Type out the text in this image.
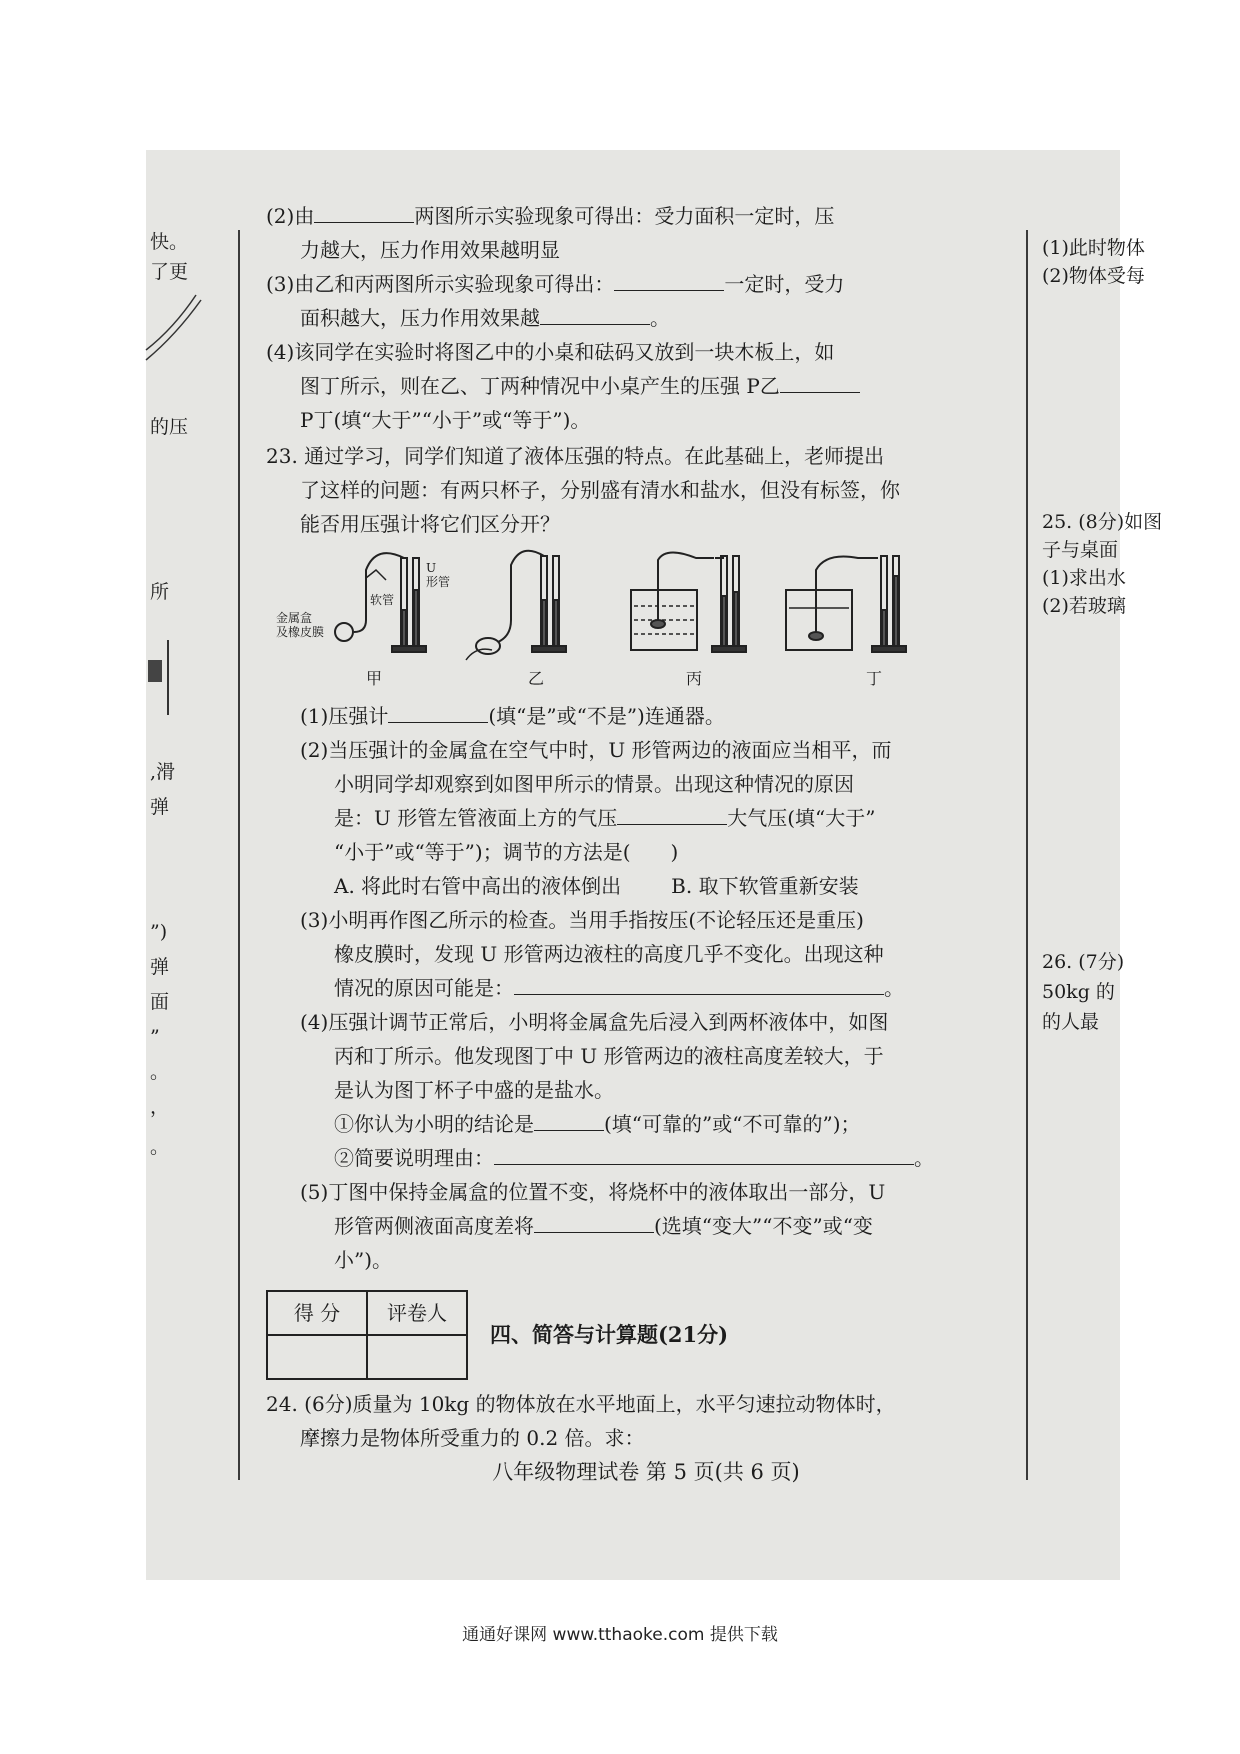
快。
了更
的压
所
,滑
弹
”)
弹
面
”
。
，
。
(1)此时物体
(2)物体受每
25. (8分)如图
子与桌面
(1)求出水
(2)若玻璃
26. (7分)
50kg 的
的人最

(2)由	两图所示实验现象可得出：受力面积一定时，压

力越大，压力作用效果越明显

(3)由乙和丙两图所示实验现象可得出：	一定时，受力

面积越大，压力作用效果越	。

(4)该同学在实验时将图乙中的小桌和砝码又放到一块木板上，如

图丁所示，则在乙、丁两种情况中小桌产生的压强 P乙

P丁(填“大于”“小于”或“等于”)。

23. 通过学习，同学们知道了液体压强的特点。在此基础上，老师提出

了这样的问题：有两只杯子，分别盛有清水和盐水，但没有标签，你

能否用压强计将它们区分开？

金属盒
及橡皮膜
软管
U
形管
甲	乙	丙	丁

(1)压强计	(填“是”或“不是”)连通器。

(2)当压强计的金属盒在空气中时，U 形管两边的液面应当相平，而

小明同学却观察到如图甲所示的情景。出现这种情况的原因

是：U 形管左管液面上方的气压	大气压(填“大于”

“小于”或“等于”)；调节的方法是( )

A. 将此时右管中高出的液体倒出	B. 取下软管重新安装

(3)小明再作图乙所示的检查。当用手指按压(不论轻压还是重压)

橡皮膜时，发现 U 形管两边液柱的高度几乎不变化。出现这种

情况的原因可能是：	。

(4)压强计调节正常后，小明将金属盒先后浸入到两杯液体中，如图

丙和丁所示。他发现图丁中 U 形管两边的液柱高度差较大，于

是认为图丁杯子中盛的是盐水。

①你认为小明的结论是	(填“可靠的”或“不可靠的”)；

②简要说明理由：	。

(5)丁图中保持金属盒的位置不变，将烧杯中的液体取出一部分，U

形管两侧液面高度差将	(选填“变大”“不变”或“变

小”)。

得 分	评卷人

四、简答与计算题(21分)

24. (6分)质量为 10kg 的物体放在水平地面上，水平匀速拉动物体时，

摩擦力是物体所受重力的 0.2 倍。求：

八年级物理试卷 第 5 页(共 6 页)

通通好课网 www.tthaoke.com 提供下载
